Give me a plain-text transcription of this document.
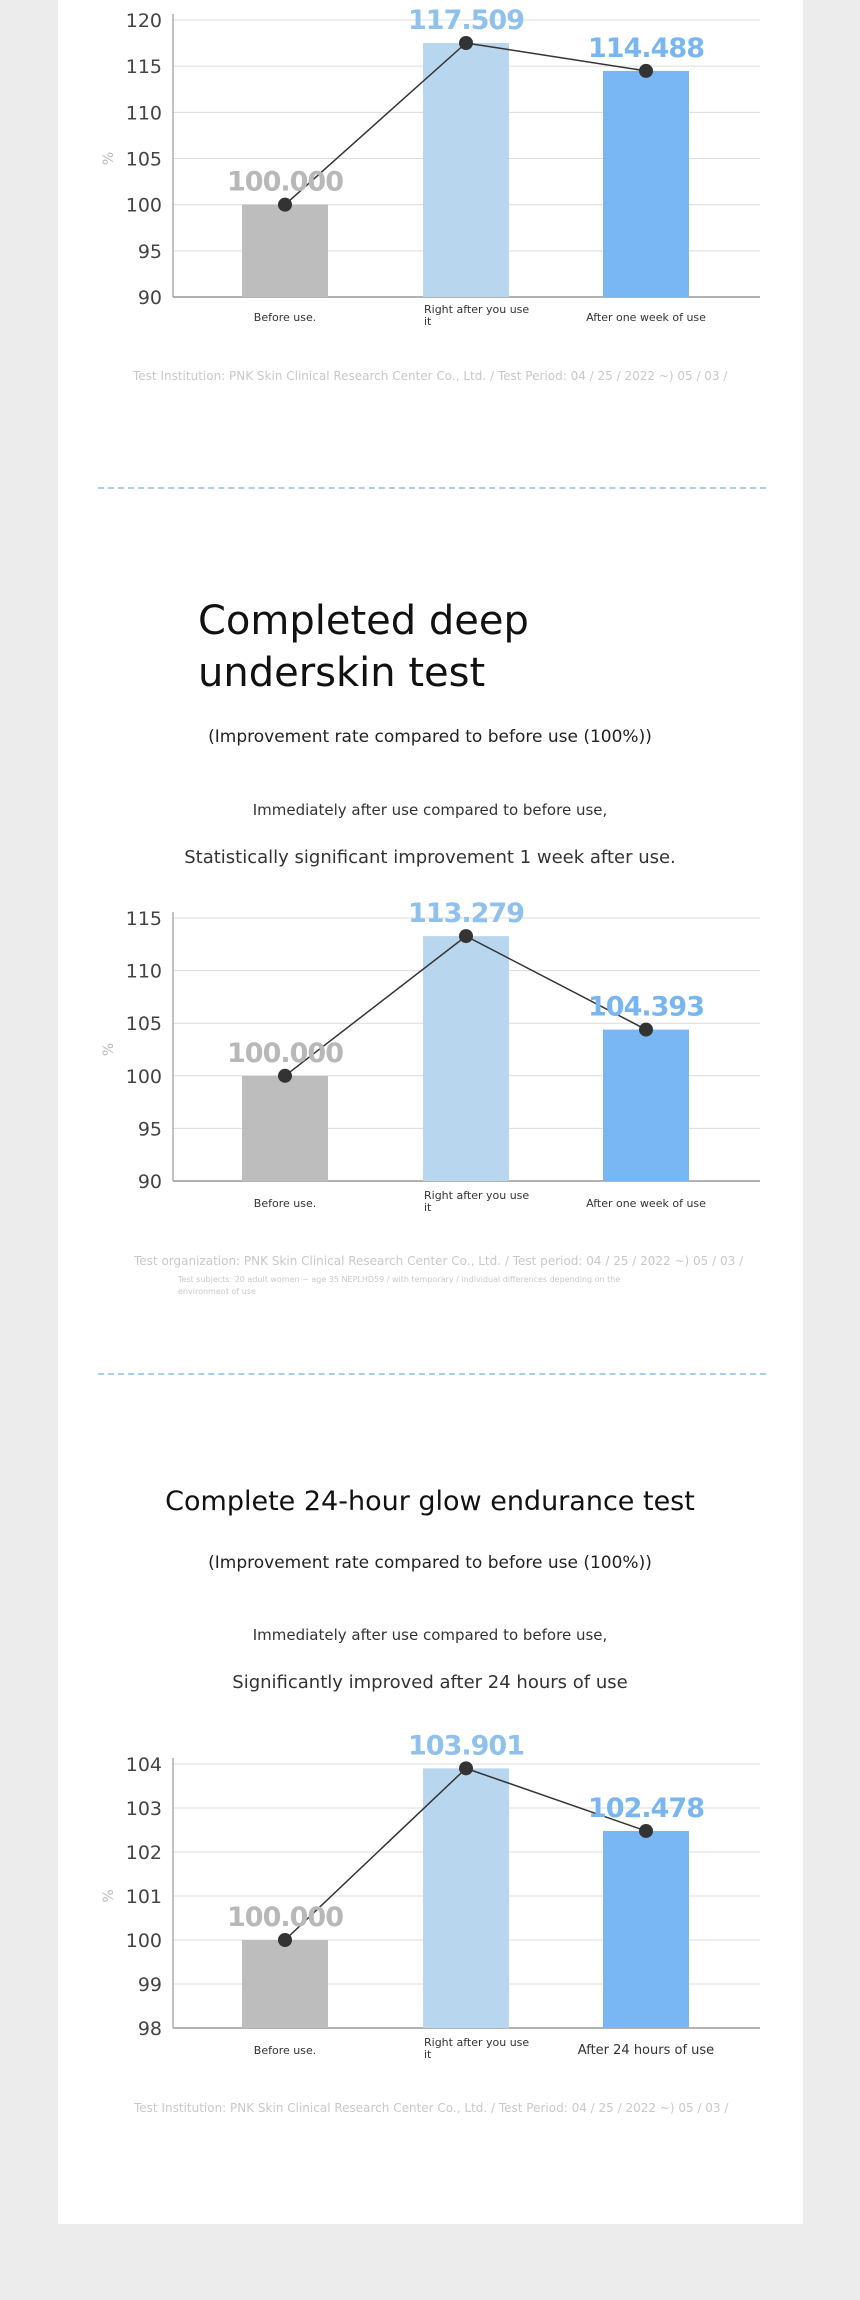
90
95
100
105
110
115
120
%
100.000
117.509
114.488
Before use.
Right after you use it	After one week of use
Test Institution: PNK Skin Clinical Research Center Co., Ltd. / Test Period: 04 / 25 / 2022 ~) 05 / 03 /
Completed deep
underskin test
(Improvement rate compared to before use (100%))
Immediately after use compared to before use,
Statistically significant improvement 1 week after use.
90
95
100
105
110
115
%	100.000
113.279
104.393
Before use.
Right after you use it	After one week of use
Test organization: PNK Skin Clinical Research Center Co., Ltd. / Test period: 04 / 25 / 2022 ~) 05 / 03 /
Test subjects: 20 adult women ~ age 35 NEPLHD59 / with temporary / individual differences depending on the
environment of use
Complete 24-hour glow endurance test
(Improvement rate compared to before use (100%))
Immediately after use compared to before use,
Significantly improved after 24 hours of use
98
99
100
101
102
103
104
%
100.000
103.901
102.478
Before use.
Right after you use it	After 24 hours of use
Test Institution: PNK Skin Clinical Research Center Co., Ltd. / Test Period: 04 / 25 / 2022 ~) 05 / 03 /
